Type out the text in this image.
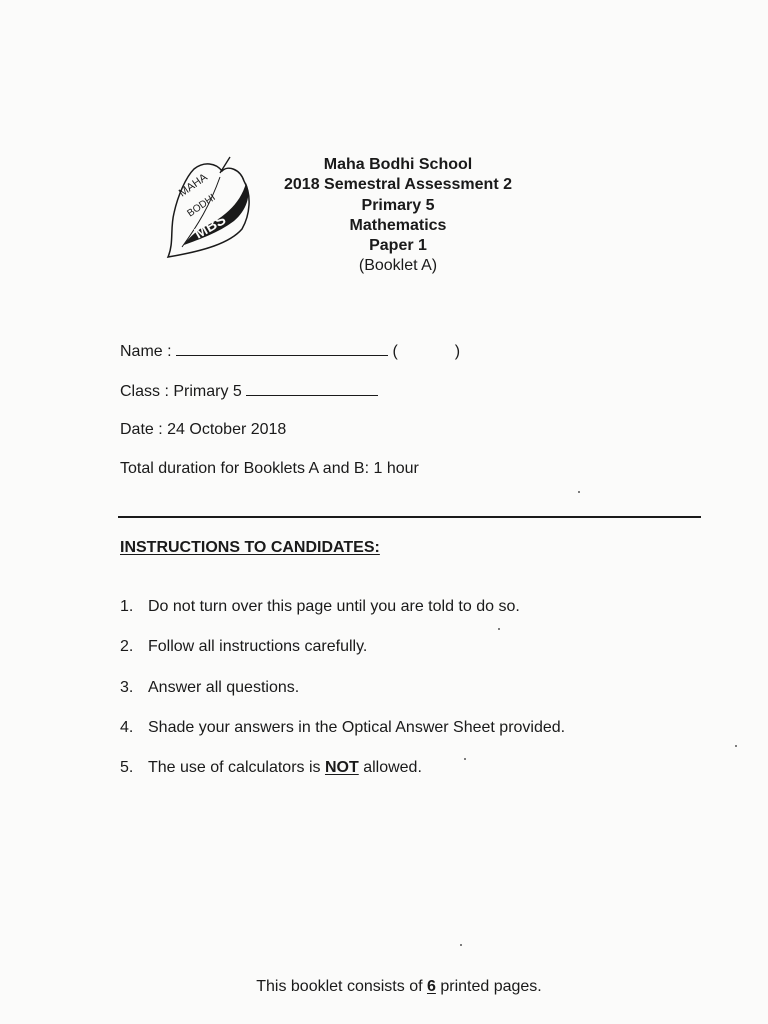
MAHA
BODHI
MBS
Maha Bodhi School
2018 Semestral Assessment 2
Primary 5
Mathematics
Paper 1
(Booklet A)
Name :	(	)
Class : Primary 5
Date : 24 October 2018
Total duration for Booklets A and B: 1 hour
INSTRUCTIONS TO CANDIDATES:
1. Do not turn over this page until you are told to do so.
2. Follow all instructions carefully.
3. Answer all questions.
4. Shade your answers in the Optical Answer Sheet provided.
5. The use of calculators is NOT allowed.
This booklet consists of 6 printed pages.
